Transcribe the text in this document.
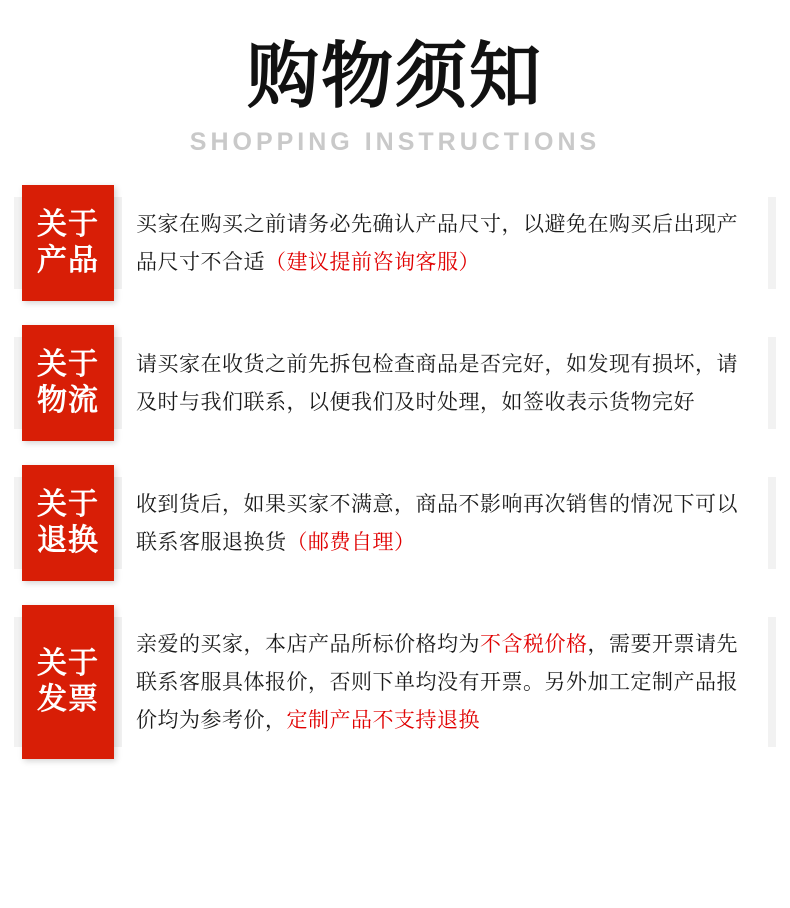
购物须知
SHOPPING INSTRUCTIONS
关于
产品
买家在购买之前请务必先确认产品尺寸，以避免在购买后出现产品尺寸不合适（建议提前咨询客服）
关于
物流
请买家在收货之前先拆包检查商品是否完好，如发现有损坏，请及时与我们联系，以便我们及时处理，如签收表示货物完好
关于
退换
收到货后，如果买家不满意，商品不影响再次销售的情况下可以联系客服退换货（邮费自理）
关于
发票
亲爱的买家，本店产品所标价格均为不含税价格，需要开票请先联系客服具体报价，否则下单均没有开票。另外加工定制产品报价均为参考价，定制产品不支持退换
